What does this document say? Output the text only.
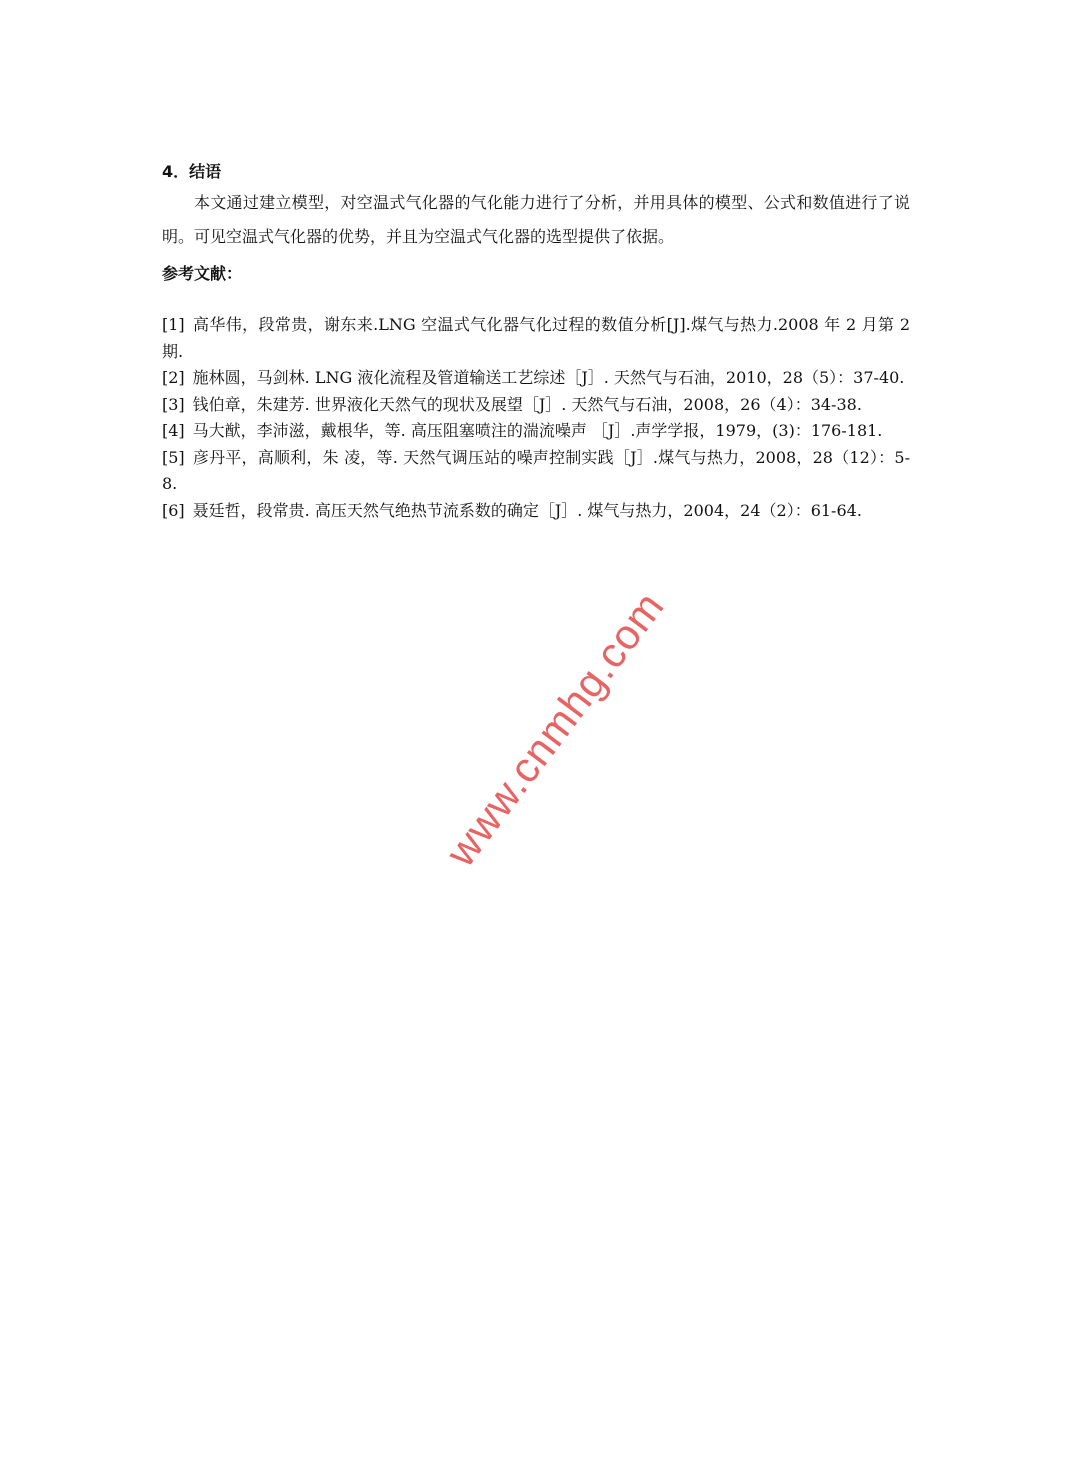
4．结语

本文通过建立模型，对空温式气化器的气化能力进行了分析，并用具体的模型、公式和数值进行了说明。可见空温式气化器的优势，并且为空温式气化器的选型提供了依据。

参考文献：
[1] 高华伟，段常贵，谢东来.LNG 空温式气化器气化过程的数值分析[J].煤气与热力.2008 年 2 月第 2 期.
[2] 施林圆，马剑林. LNG 液化流程及管道输送工艺综述［J］. 天然气与石油，2010，28（5）：37-40.
[3] 钱伯章，朱建芳. 世界液化天然气的现状及展望［J］. 天然气与石油，2008，26（4）：34-38.
[4] 马大猷，李沛滋，戴根华，等. 高压阻塞喷注的湍流噪声 ［J］.声学学报，1979，(3)：176-181.
[5] 彦丹平，高顺利，朱 凌，等. 天然气调压站的噪声控制实践［J］.煤气与热力，2008，28（12）：5-8.
[6] 聂廷哲，段常贵. 高压天然气绝热节流系数的确定［J］. 煤气与热力，2004，24（2）：61-64.
www.cnmhg.com
